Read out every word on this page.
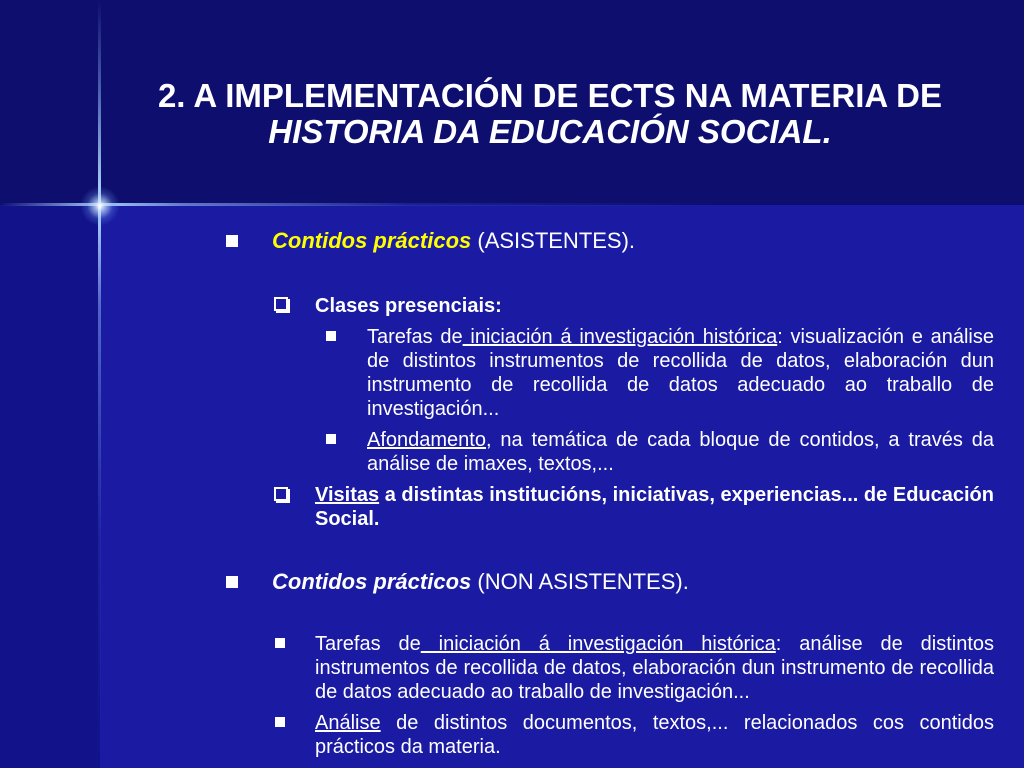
2. A IMPLEMENTACIÓN DE ECTS NA MATERIA DE
HISTORIA DA EDUCACIÓN SOCIAL.
Contidos prácticos (ASISTENTES).
Clases presenciais:
Tarefas de iniciación á investigación histórica: visualización e análise de distintos instrumentos de recollida de datos, elaboración dun instrumento de recollida de datos adecuado ao traballo de investigación...
Afondamento, na temática de cada bloque de contidos, a través da análise de imaxes, textos,...
Visitas a distintas institucións, iniciativas, experiencias... de Educación Social.
Contidos prácticos (NON ASISTENTES).
Tarefas de iniciación á investigación histórica: análise de distintos instrumentos de recollida de datos, elaboración dun instrumento de recollida de datos adecuado ao traballo de investigación...
Análise de distintos documentos, textos,... relacionados cos contidos prácticos da materia.
